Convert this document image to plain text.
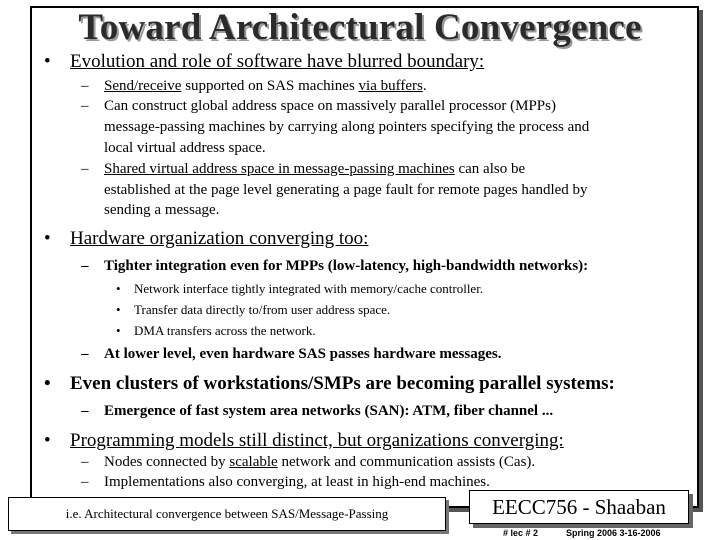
Toward Architectural Convergence
• Evolution and role of software have blurred boundary:
– Send/receive supported on SAS machines via buffers.
– Can construct global address space on massively parallel processor (MPPs)
message-passing machines by carrying along pointers specifying the process and
local virtual address space.
– Shared virtual address space in message-passing machines can also be
established at the page level generating a page fault for remote pages handled by
sending a message.
• Hardware organization converging too:
– Tighter integration even for MPPs (low-latency, high-bandwidth networks):
• Network interface tightly integrated with memory/cache controller.
• Transfer data directly to/from user address space.
• DMA transfers across the network.
– At lower level, even hardware SAS passes hardware messages.
• Even clusters of workstations/SMPs are becoming parallel systems:
– Emergence of fast system area networks (SAN): ATM, fiber channel ...
• Programming models still distinct, but organizations converging:
– Nodes connected by scalable network and communication assists (Cas).
– Implementations also converging, at least in high-end machines.
i.e. Architectural convergence between SAS/Message-Passing	EECC756 - Shaaban
# lec # 2	Spring 2006 3-16-2006
